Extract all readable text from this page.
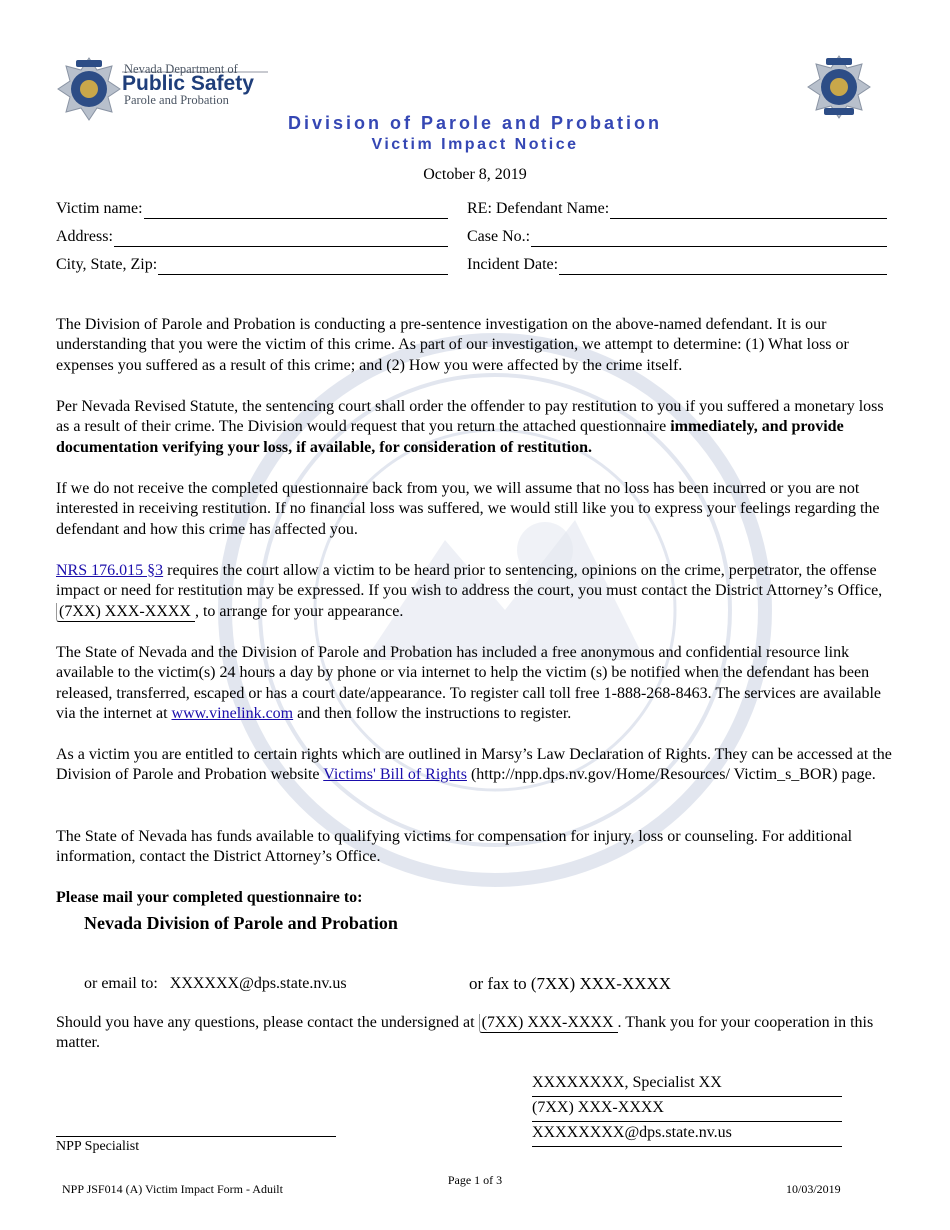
Nevada Department of
Public Safety
Parole and Probation
Division of Parole and Probation
Victim Impact Notice
October 8, 2019
Victim name:
Address:
City, State, Zip:
RE: Defendant Name:
Case No.:
Incident Date:

The Division of Parole and Probation is conducting a pre-sentence investigation on the above-named defendant. It is our understanding that you were the victim of this crime. As part of our investigation, we attempt to determine: (1) What loss or expenses you suffered as a result of this crime; and (2) How you were affected by the crime itself.

Per Nevada Revised Statute, the sentencing court shall order the offender to pay restitution to you if you suffered a monetary loss as a result of their crime. The Division would request that you return the attached questionnaire immediately, and provide documentation verifying your loss, if available, for consideration of restitution.

If we do not receive the completed questionnaire back from you, we will assume that no loss has been incurred or you are not interested in receiving restitution. If no financial loss was suffered, we would still like you to express your feelings regarding the defendant and how this crime has affected you.

NRS 176.015 §3 requires the court allow a victim to be heard prior to sentencing, opinions on the crime, perpetrator, the offense impact or need for restitution may be expressed. If you wish to address the court, you must contact the District Attorney’s Office, (7XX) XXX-XXXX , to arrange for your appearance.

The State of Nevada and the Division of Parole and Probation has included a free anonymous and confidential resource link available to the victim(s) 24 hours a day by phone or via internet to help the victim (s) be notified when the defendant has been released, transferred, escaped or has a court date/appearance. To register call toll free 1-888-268-8463. The services are available via the internet at www.vinelink.com and then follow the instructions to register.

As a victim you are entitled to certain rights which are outlined in Marsy’s Law Declaration of Rights. They can be accessed at the Division of Parole and Probation website Victims' Bill of Rights (http://npp.dps.nv.gov/Home/Resources/ Victim_s_BOR) page.

The State of Nevada has funds available to qualifying victims for compensation for injury, loss or counseling. For additional information, contact the District Attorney’s Office.

Please mail your completed questionnaire to:
Nevada Division of Parole and Probation
or email to: XXXXXX@dps.state.nv.us	or fax to (7XX) XXX-XXXX

Should you have any questions, please contact the undersigned at (7XX) XXX-XXXX . Thank you for your cooperation in this matter.

XXXXXXXX, Specialist XX
(7XX) XXX-XXXX
XXXXXXXX@dps.state.nv.us
NPP Specialist
NPP JSF014 (A) Victim Impact Form - Aduilt
Page 1 of 3
10/03/2019
